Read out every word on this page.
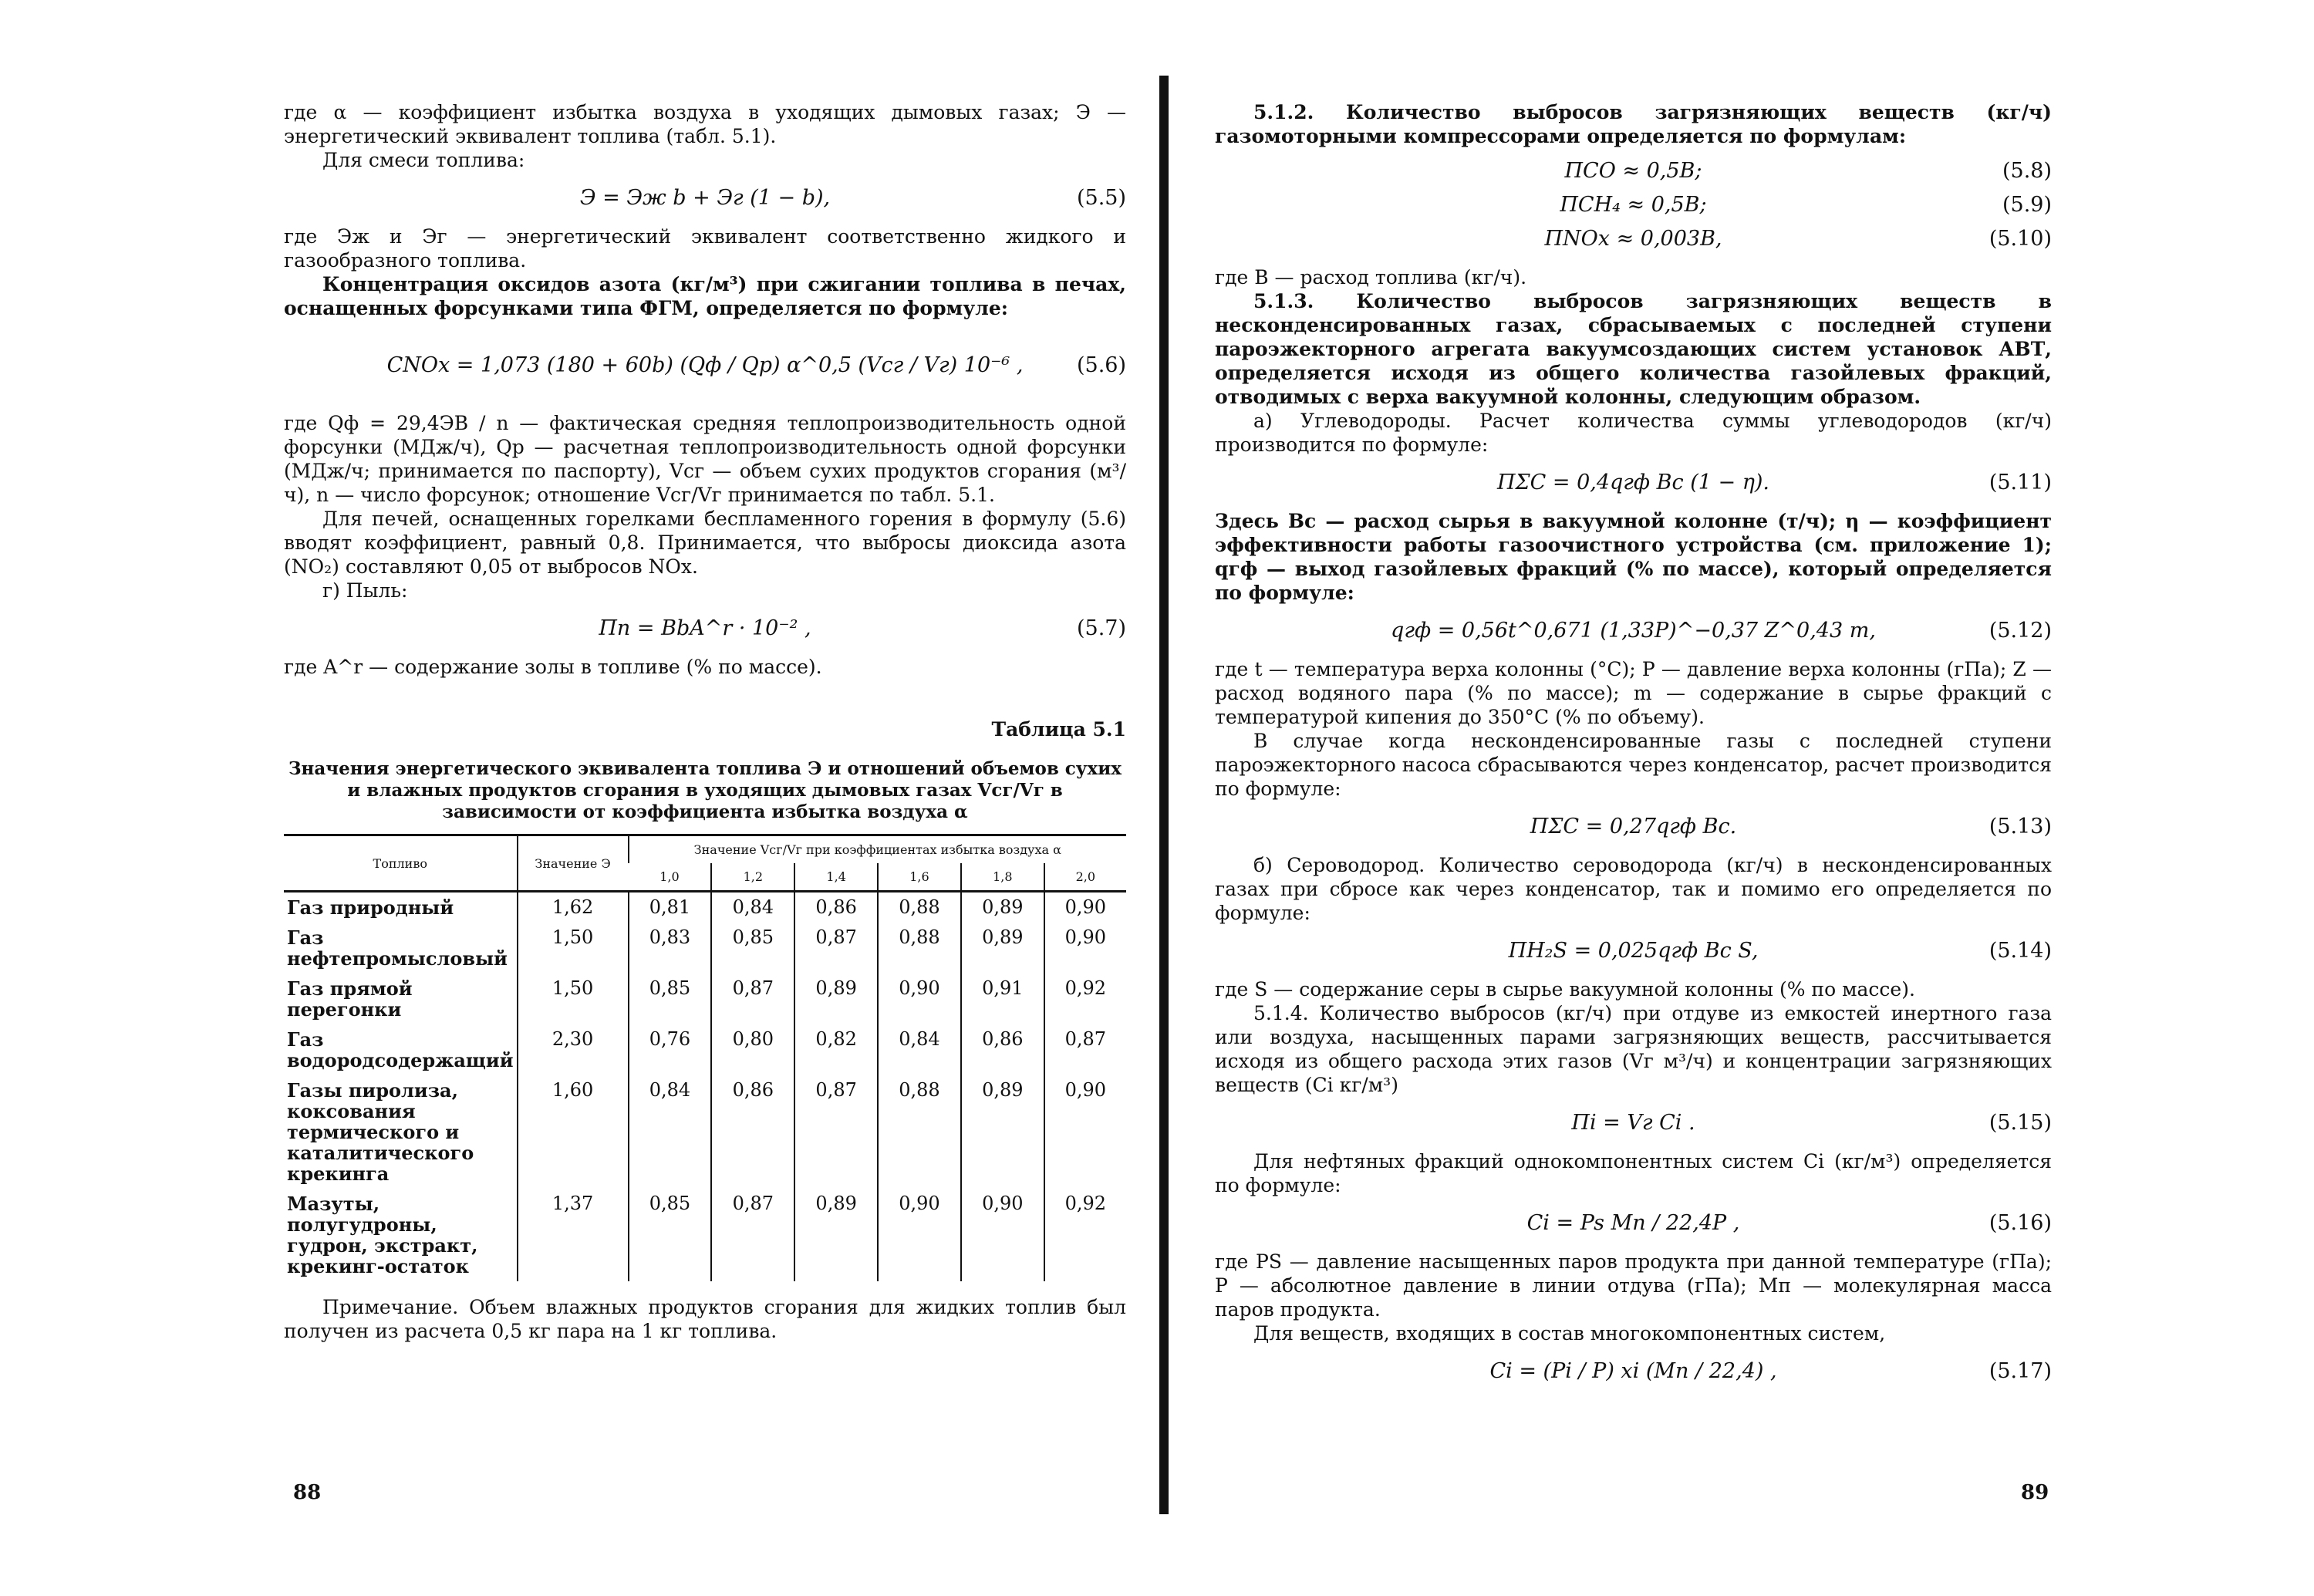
где α — коэффициент избытка воздуха в уходящих дымовых газах; Э — энергетический эквивалент топлива (табл. 5.1).

Для смеси топлива:

Э = Эж b + Эг (1 − b),	(5.5)

где Эж и Эг — энергетический эквивалент соответственно жидкого и газообразного топлива.

Концентрация оксидов азота (кг/м³) при сжигании топлива в печах, оснащенных форсунками типа ФГМ, определяется по формуле:

CNOx = 1,073 (180 + 60b) (Qф / Qр) α^0,5 (Vсг / Vг) 10⁻⁶ ,	(5.6)

где Qф = 29,4ЭB / n — фактическая средняя теплопроизводительность одной форсунки (МДж/ч), Qр — расчетная теплопроизводительность одной форсунки (МДж/ч; принимается по паспорту), Vсг — объем сухих продуктов сгорания (м³/ч), n — число форсунок; отношение Vсг/Vг принимается по табл. 5.1.

Для печей, оснащенных горелками беспламенного горения в формулу (5.6) вводят коэффициент, равный 0,8. Принимается, что выбросы диоксида азота (NO₂) составляют 0,05 от выбросов NOx.

г) Пыль:

Пп = BbA^r · 10⁻² ,	(5.7)

где A^r — содержание золы в топливе (% по массе).

Таблица 5.1
Значения энергетического эквивалента топлива Э и отношений объемов сухих и влажных продуктов сгорания в уходящих дымовых газах Vсг/Vг в зависимости от коэффициента избытка воздуха α
Топливо	Значение Э	Значение Vсг/Vг при коэффициентах избытка воздуха α					
		1,0	1,2	1,4	1,6	1,8	2,0
Газ природный	1,62	0,81	0,84	0,86	0,88	0,89	0,90
Газ нефтепромысловый	1,50	0,83	0,85	0,87	0,88	0,89	0,90
Газ прямой перегонки	1,50	0,85	0,87	0,89	0,90	0,91	0,92
Газ водородсодержащий	2,30	0,76	0,80	0,82	0,84	0,86	0,87
Газы пиролиза, коксования термического и каталитического крекинга	1,60	0,84	0,86	0,87	0,88	0,89	0,90
Мазуты, полугудроны, гудрон, экстракт, крекинг-остаток	1,37	0,85	0,87	0,89	0,90	0,90	0,92

Примечание. Объем влажных продуктов сгорания для жидких топлив был получен из расчета 0,5 кг пара на 1 кг топлива.

88

5.1.2. Количество выбросов загрязняющих веществ (кг/ч) газомоторными компрессорами определяется по формулам:

ПCO ≈ 0,5B;	(5.8)
ПCH₄ ≈ 0,5B;	(5.9)
ПNOx ≈ 0,003B,	(5.10)

где B — расход топлива (кг/ч).

5.1.3. Количество выбросов загрязняющих веществ в несконденсированных газах, сбрасываемых с последней ступени пароэжекторного агрегата вакуумсоздающих систем установок АВТ, определяется исходя из общего количества газойлевых фракций, отводимых с верха вакуумной колонны, следующим образом.

а) Углеводороды. Расчет количества суммы углеводородов (кг/ч) производится по формуле:

ПΣC = 0,4qгф Bc (1 − η).	(5.11)

Здесь Bc — расход сырья в вакуумной колонне (т/ч); η — коэффициент эффективности работы газоочистного устройства (см. приложение 1); qгф — выход газойлевых фракций (% по массе), который определяется по формуле:

qгф = 0,56t^0,671 (1,33P)^−0,37 Z^0,43 m,	(5.12)

где t — температура верха колонны (°C); P — давление верха колонны (гПа); Z — расход водяного пара (% по массе); m — содержание в сырье фракций с температурой кипения до 350°C (% по объему).

В случае когда несконденсированные газы с последней ступени пароэжекторного насоса сбрасываются через конденсатор, расчет производится по формуле:

ПΣC = 0,27qгф Bc.	(5.13)

б) Сероводород. Количество сероводорода (кг/ч) в несконденсированных газах при сбросе как через конденсатор, так и помимо его определяется по формуле:

ПH₂S = 0,025qгф Bc S,	(5.14)

где S — содержание серы в сырье вакуумной колонны (% по массе).

5.1.4. Количество выбросов (кг/ч) при отдуве из емкостей инертного газа или воздуха, насыщенных парами загрязняющих веществ, рассчитывается исходя из общего расхода этих газов (Vг м³/ч) и концентрации загрязняющих веществ (Ci кг/м³)

Пi = Vг Ci .	(5.15)

Для нефтяных фракций однокомпонентных систем Ci (кг/м³) определяется по формуле:

Ci = Ps Mп / 22,4P ,	(5.16)

где PS — давление насыщенных паров продукта при данной температуре (гПа); P — абсолютное давление в линии отдува (гПа); Mп — молекулярная масса паров продукта.

Для веществ, входящих в состав многокомпонентных систем,

Ci = (Pi / P) xi (Mп / 22,4) ,	(5.17)
89
